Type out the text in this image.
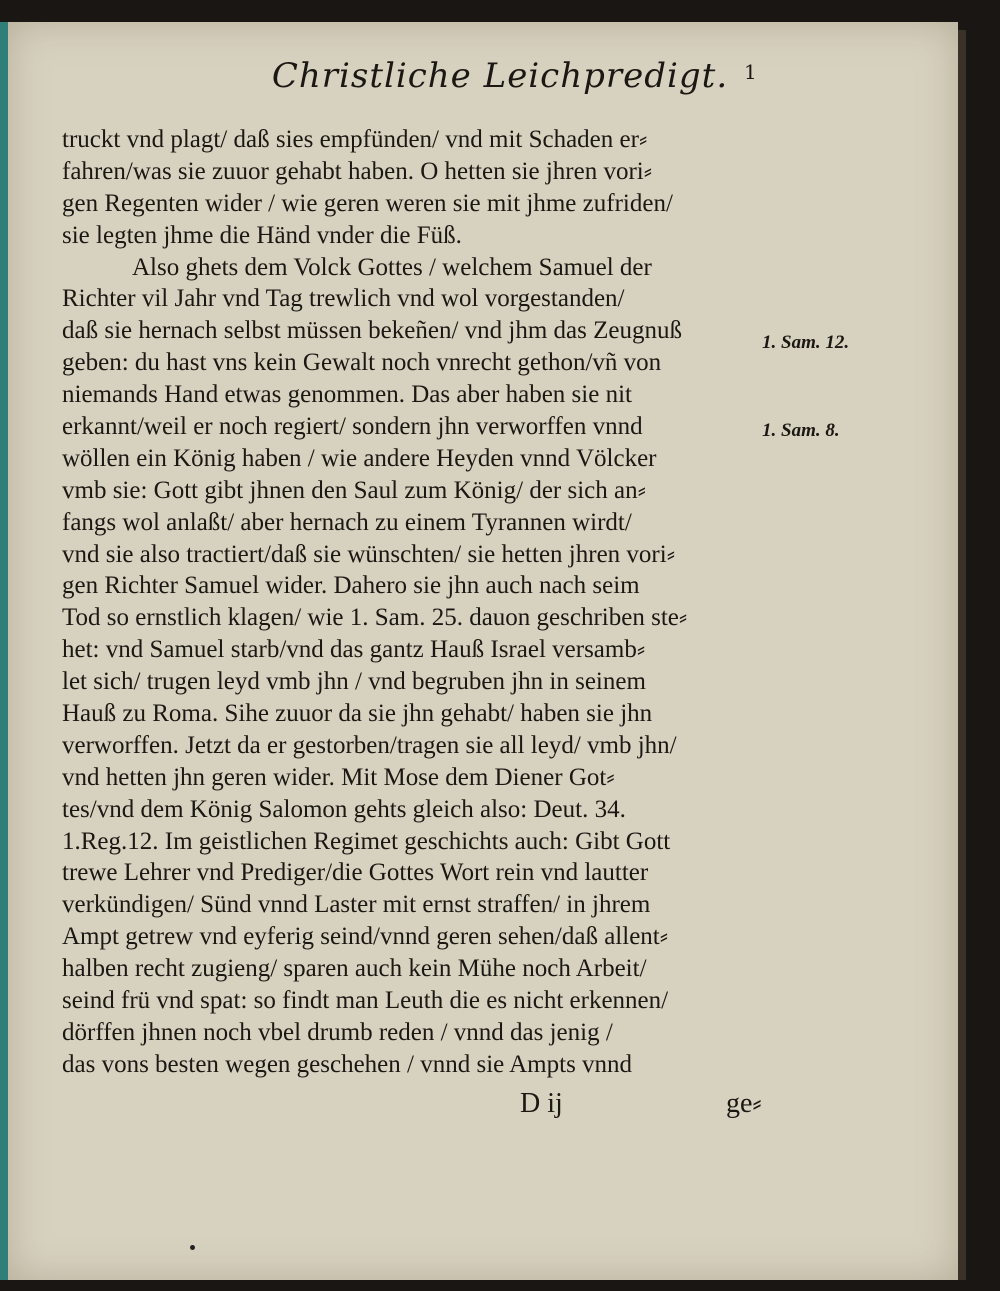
Christliche Leichpredigt. 1
truckt vnd plagt/ daß sies empfünden/ vnd mit Schaden er⸗
fahren/was sie zuuor gehabt haben. O hetten sie jhren vori⸗
gen Regenten wider / wie geren weren sie mit jhme zufriden/
sie legten jhme die Händ vnder die Füß.
Also ghets dem Volck Gottes / welchem Samuel der
Richter vil Jahr vnd Tag trewlich vnd wol vorgestanden/
daß sie hernach selbst müssen bekeñen/ vnd jhm das Zeugnuß
geben: du hast vns kein Gewalt noch vnrecht gethon/vñ von
niemands Hand etwas genommen. Das aber haben sie nit
erkannt/weil er noch regiert/ sondern jhn verworffen vnnd
wöllen ein König haben / wie andere Heyden vnnd Völcker
vmb sie: Gott gibt jhnen den Saul zum König/ der sich an⸗
fangs wol anlaßt/ aber hernach zu einem Tyrannen wirdt/
vnd sie also tractiert/daß sie wünschten/ sie hetten jhren vori⸗
gen Richter Samuel wider. Dahero sie jhn auch nach seim
Tod so ernstlich klagen/ wie 1. Sam. 25. dauon geschriben ste⸗
het: vnd Samuel starb/vnd das gantz Hauß Israel versamb⸗
let sich/ trugen leyd vmb jhn / vnd begruben jhn in seinem
Hauß zu Roma. Sihe zuuor da sie jhn gehabt/ haben sie jhn
verworffen. Jetzt da er gestorben/tragen sie all leyd/ vmb jhn/
vnd hetten jhn geren wider. Mit Mose dem Diener Got⸗
tes/vnd dem König Salomon gehts gleich also: Deut. 34.
1.Reg.12. Im geistlichen Regimet geschichts auch: Gibt Gott
trewe Lehrer vnd Prediger/die Gottes Wort rein vnd lautter
verkündigen/ Sünd vnnd Laster mit ernst straffen/ in jhrem
Ampt getrew vnd eyferig seind/vnnd geren sehen/daß allent⸗
halben recht zugieng/ sparen auch kein Mühe noch Arbeit/
seind frü vnd spat: so findt man Leuth die es nicht erkennen/
dörffen jhnen noch vbel drumb reden / vnnd das jenig /
das vons besten wegen geschehen / vnnd sie Ampts vnnd
1. Sam. 12.
1. Sam. 8.
D ij	ge⸗
